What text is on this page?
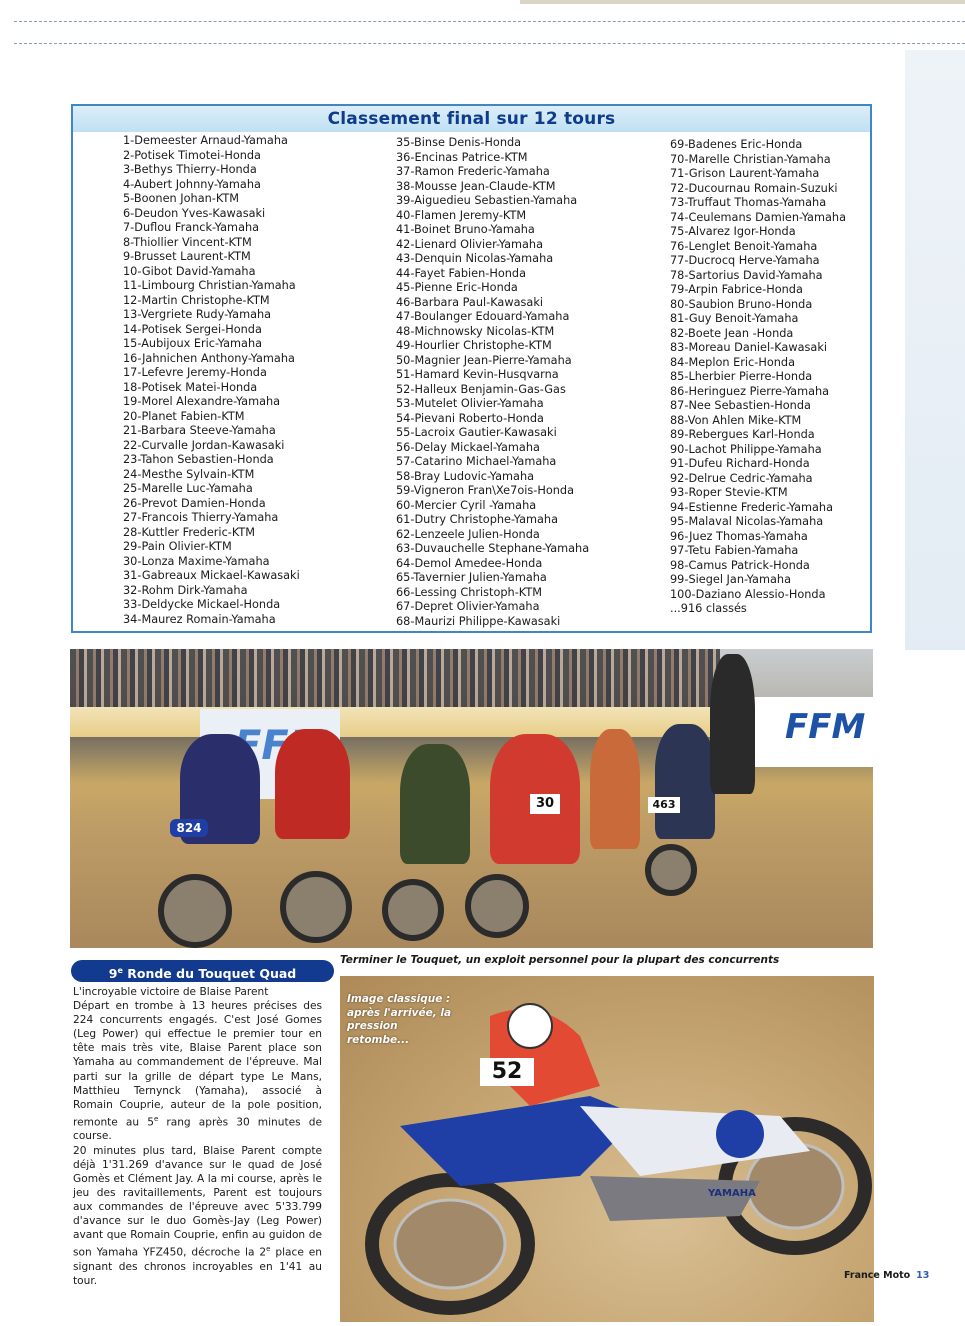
Classement final sur 12 tours
1-Demeester Arnaud-Yamaha
2-Potisek Timotei-Honda
3-Bethys Thierry-Honda
4-Aubert Johnny-Yamaha
5-Boonen Johan-KTM
6-Deudon Yves-Kawasaki
7-Duflou Franck-Yamaha
8-Thiollier Vincent-KTM
9-Brusset Laurent-KTM
10-Gibot David-Yamaha
11-Limbourg Christian-Yamaha
12-Martin Christophe-KTM
13-Vergriete Rudy-Yamaha
14-Potisek Sergei-Honda
15-Aubijoux Eric-Yamaha
16-Jahnichen Anthony-Yamaha
17-Lefevre Jeremy-Honda
18-Potisek Matei-Honda
19-Morel Alexandre-Yamaha
20-Planet Fabien-KTM
21-Barbara Steeve-Yamaha
22-Curvalle Jordan-Kawasaki
23-Tahon Sebastien-Honda
24-Mesthe Sylvain-KTM
25-Marelle Luc-Yamaha
26-Prevot Damien-Honda
27-Francois Thierry-Yamaha
28-Kuttler Frederic-KTM
29-Pain Olivier-KTM
30-Lonza Maxime-Yamaha
31-Gabreaux Mickael-Kawasaki
32-Rohm Dirk-Yamaha
33-Deldycke Mickael-Honda
34-Maurez Romain-Yamaha
35-Binse Denis-Honda
36-Encinas Patrice-KTM
37-Ramon Frederic-Yamaha
38-Mousse Jean-Claude-KTM
39-Aiguedieu Sebastien-Yamaha
40-Flamen Jeremy-KTM
41-Boinet Bruno-Yamaha
42-Lienard Olivier-Yamaha
43-Denquin Nicolas-Yamaha
44-Fayet Fabien-Honda
45-Pienne Eric-Honda
46-Barbara Paul-Kawasaki
47-Boulanger Edouard-Yamaha
48-Michnowsky Nicolas-KTM
49-Hourlier Christophe-KTM
50-Magnier Jean-Pierre-Yamaha
51-Hamard Kevin-Husqvarna
52-Halleux Benjamin-Gas-Gas
53-Mutelet Olivier-Yamaha
54-Pievani Roberto-Honda
55-Lacroix Gautier-Kawasaki
56-Delay Mickael-Yamaha
57-Catarino Michael-Yamaha
58-Bray Ludovic-Yamaha
59-Vigneron Fran\Xe7ois-Honda
60-Mercier Cyril -Yamaha
61-Dutry Christophe-Yamaha
62-Lenzeele Julien-Honda
63-Duvauchelle Stephane-Yamaha
64-Demol Amedee-Honda
65-Tavernier Julien-Yamaha
66-Lessing Christoph-KTM
67-Depret Olivier-Yamaha
68-Maurizi Philippe-Kawasaki
69-Badenes Eric-Honda
70-Marelle Christian-Yamaha
71-Grison Laurent-Yamaha
72-Ducournau Romain-Suzuki
73-Truffaut Thomas-Yamaha
74-Ceulemans Damien-Yamaha
75-Alvarez Igor-Honda
76-Lenglet Benoit-Yamaha
77-Ducrocq Herve-Yamaha
78-Sartorius David-Yamaha
79-Arpin Fabrice-Honda
80-Saubion Bruno-Honda
81-Guy Benoit-Yamaha
82-Boete Jean -Honda
83-Moreau Daniel-Kawasaki
84-Meplon Eric-Honda
85-Lherbier Pierre-Honda
86-Heringuez Pierre-Yamaha
87-Nee Sebastien-Honda
88-Von Ahlen Mike-KTM
89-Rebergues Karl-Honda
90-Lachot Philippe-Yamaha
91-Dufeu Richard-Honda
92-Delrue Cedric-Yamaha
93-Roper Stevie-KTM
94-Estienne Frederic-Yamaha
95-Malaval Nicolas-Yamaha
96-Juez Thomas-Yamaha
97-Tetu Fabien-Yamaha
98-Camus Patrick-Honda
99-Siegel Jan-Yamaha
100-Daziano Alessio-Honda
...916 classés
FFM
824
30	463
Terminer le Touquet, un exploit personnel pour la plupart des concurrents
9e Ronde du Touquet Quad

L'incroyable victoire de Blaise Parent

Départ en trombe à 13 heures précises des 224 concurrents engagés. C'est José Gomes (Leg Power) qui effectue le premier tour en tête mais très vite, Blaise Parent place son Yamaha au commandement de l'épreuve. Mal parti sur la grille de départ type Le Mans, Matthieu Ternynck (Yamaha), associé à Romain Couprie, auteur de la pole position, remonte au 5e rang après 30 minutes de course.

20 minutes plus tard, Blaise Parent compte déjà 1'31.269 d'avance sur le quad de José Gomès et Clément Jay. A la mi course, après le jeu des ravitaillements, Parent est toujours aux commandes de l'épreuve avec 5'33.799 d'avance sur le duo Gomès-Jay (Leg Power) avant que Romain Couprie, enfin au guidon de son Yamaha YFZ450, décroche la 2e place en signant des chronos incroyables en 1'41 au tour.

52
YAMAHA
Image classique : après l'arrivée, la pression retombe...
France Moto 13
